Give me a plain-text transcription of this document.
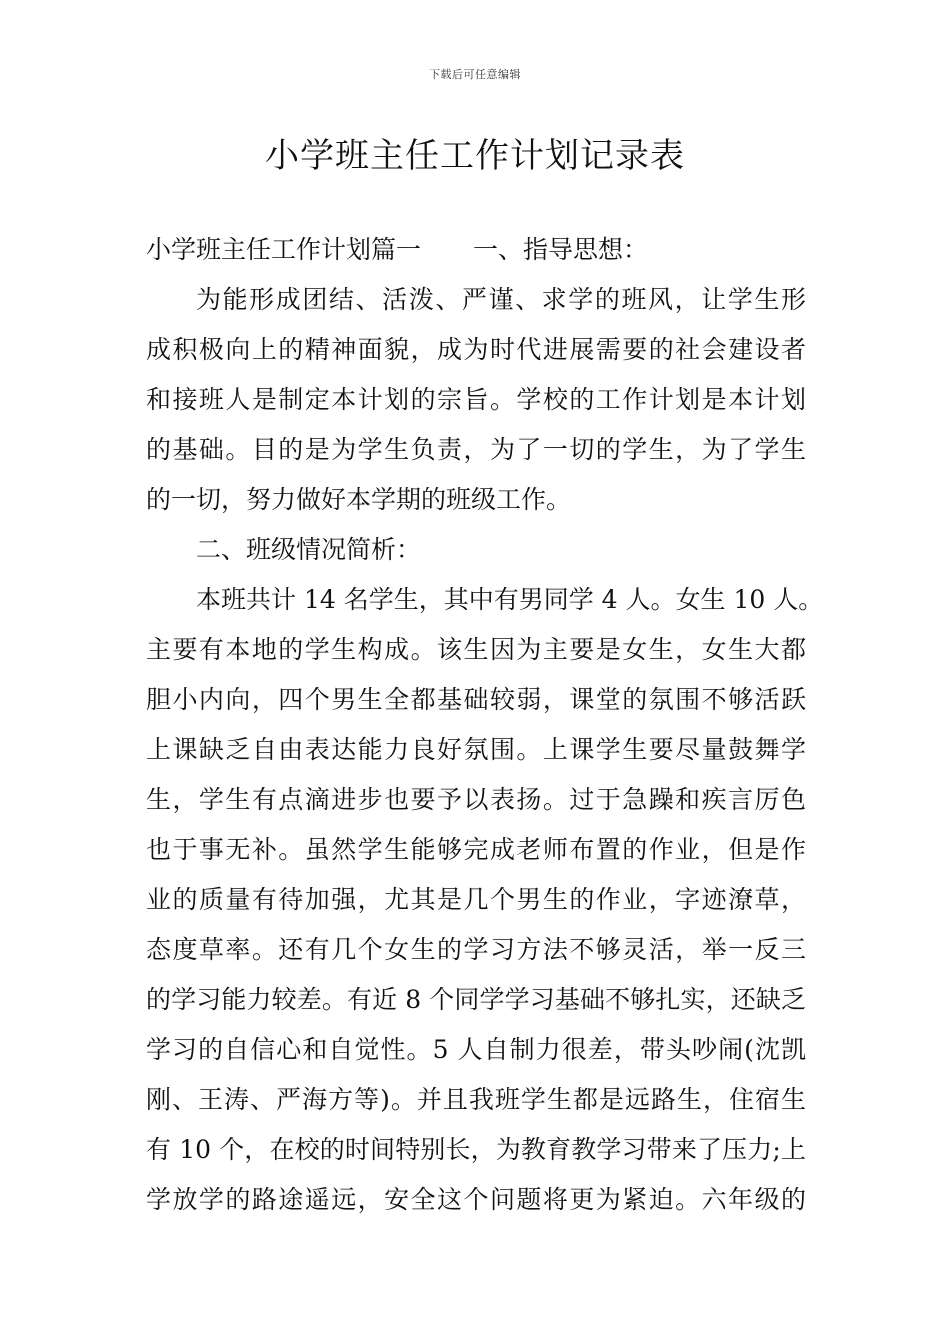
下载后可任意编辑
小学班主任工作计划记录表
小学班主任工作计划篇一 一、指导思想：
为能形成团结、活泼、严谨、求学的班风，让学生形
成积极向上的精神面貌，成为时代进展需要的社会建设者
和接班人是制定本计划的宗旨。学校的工作计划是本计划
的基础。目的是为学生负责，为了一切的学生，为了学生
的一切，努力做好本学期的班级工作。
二、班级情况简析：
本班共计 14 名学生，其中有男同学 4 人。女生 10 人。
主要有本地的学生构成。该生因为主要是女生，女生大都
胆小内向，四个男生全都基础较弱，课堂的氛围不够活跃
上课缺乏自由表达能力良好氛围。上课学生要尽量鼓舞学
生，学生有点滴进步也要予以表扬。过于急躁和疾言厉色
也于事无补。虽然学生能够完成老师布置的作业，但是作
业的质量有待加强，尤其是几个男生的作业，字迹潦草，
态度草率。还有几个女生的学习方法不够灵活，举一反三
的学习能力较差。有近 8 个同学学习基础不够扎实，还缺乏
学习的自信心和自觉性。5 人自制力很差，带头吵闹(沈凯
刚、王涛、严海方等)。并且我班学生都是远路生，住宿生
有 10 个，在校的时间特别长，为教育教学习带来了压力;上
学放学的路途遥远，安全这个问题将更为紧迫。六年级的
